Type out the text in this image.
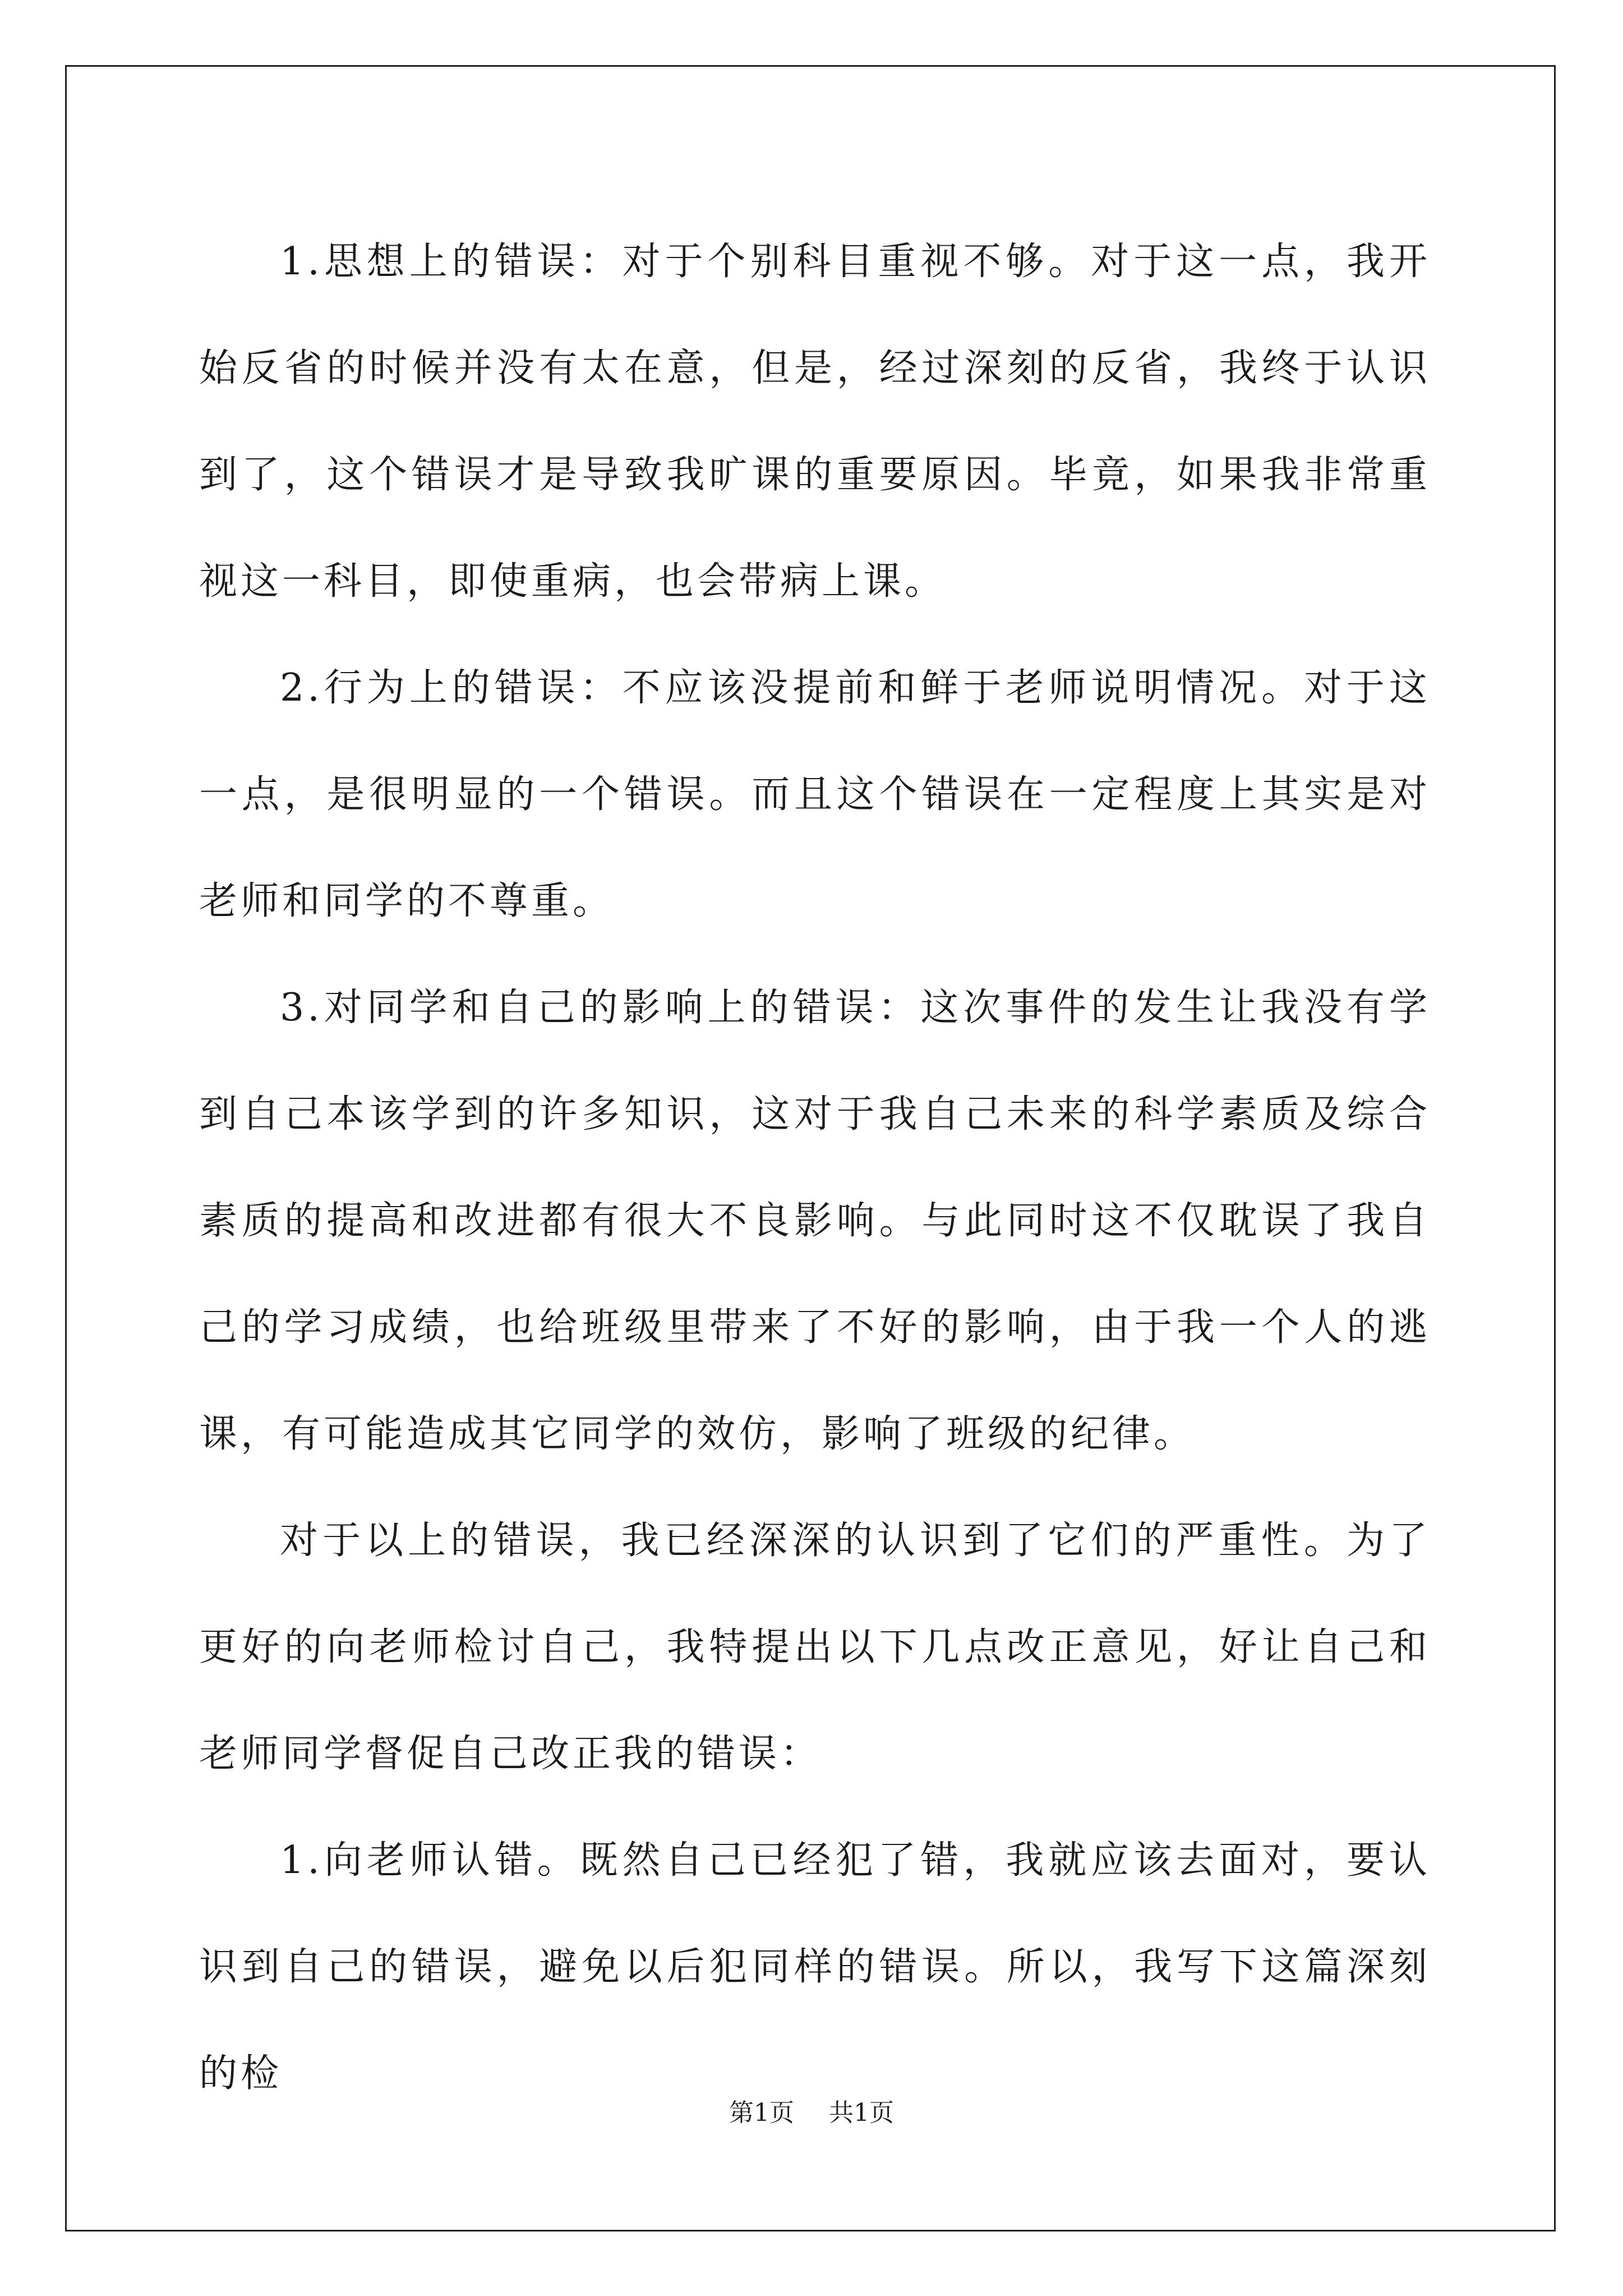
1.思想上的错误：对于个别科目重视不够。对于这一点，我开始反省的时候并没有太在意，但是，经过深刻的反省，我终于认识到了，这个错误才是导致我旷课的重要原因。毕竟，如果我非常重视这一科目，即使重病，也会带病上课。

2.行为上的错误：不应该没提前和鲜于老师说明情况。对于这一点，是很明显的一个错误。而且这个错误在一定程度上其实是对老师和同学的不尊重。

3.对同学和自己的影响上的错误：这次事件的发生让我没有学到自己本该学到的许多知识，这对于我自己未来的科学素质及综合素质的提高和改进都有很大不良影响。与此同时这不仅耽误了我自己的学习成绩，也给班级里带来了不好的影响，由于我一个人的逃课，有可能造成其它同学的效仿，影响了班级的纪律。

对于以上的错误，我已经深深的认识到了它们的严重性。为了更好的向老师检讨自己，我特提出以下几点改正意见，好让自己和老师同学督促自己改正我的错误：

1.向老师认错。既然自己已经犯了错，我就应该去面对，要认识到自己的错误，避免以后犯同样的错误。所以，我写下这篇深刻的检

第1页 共1页
